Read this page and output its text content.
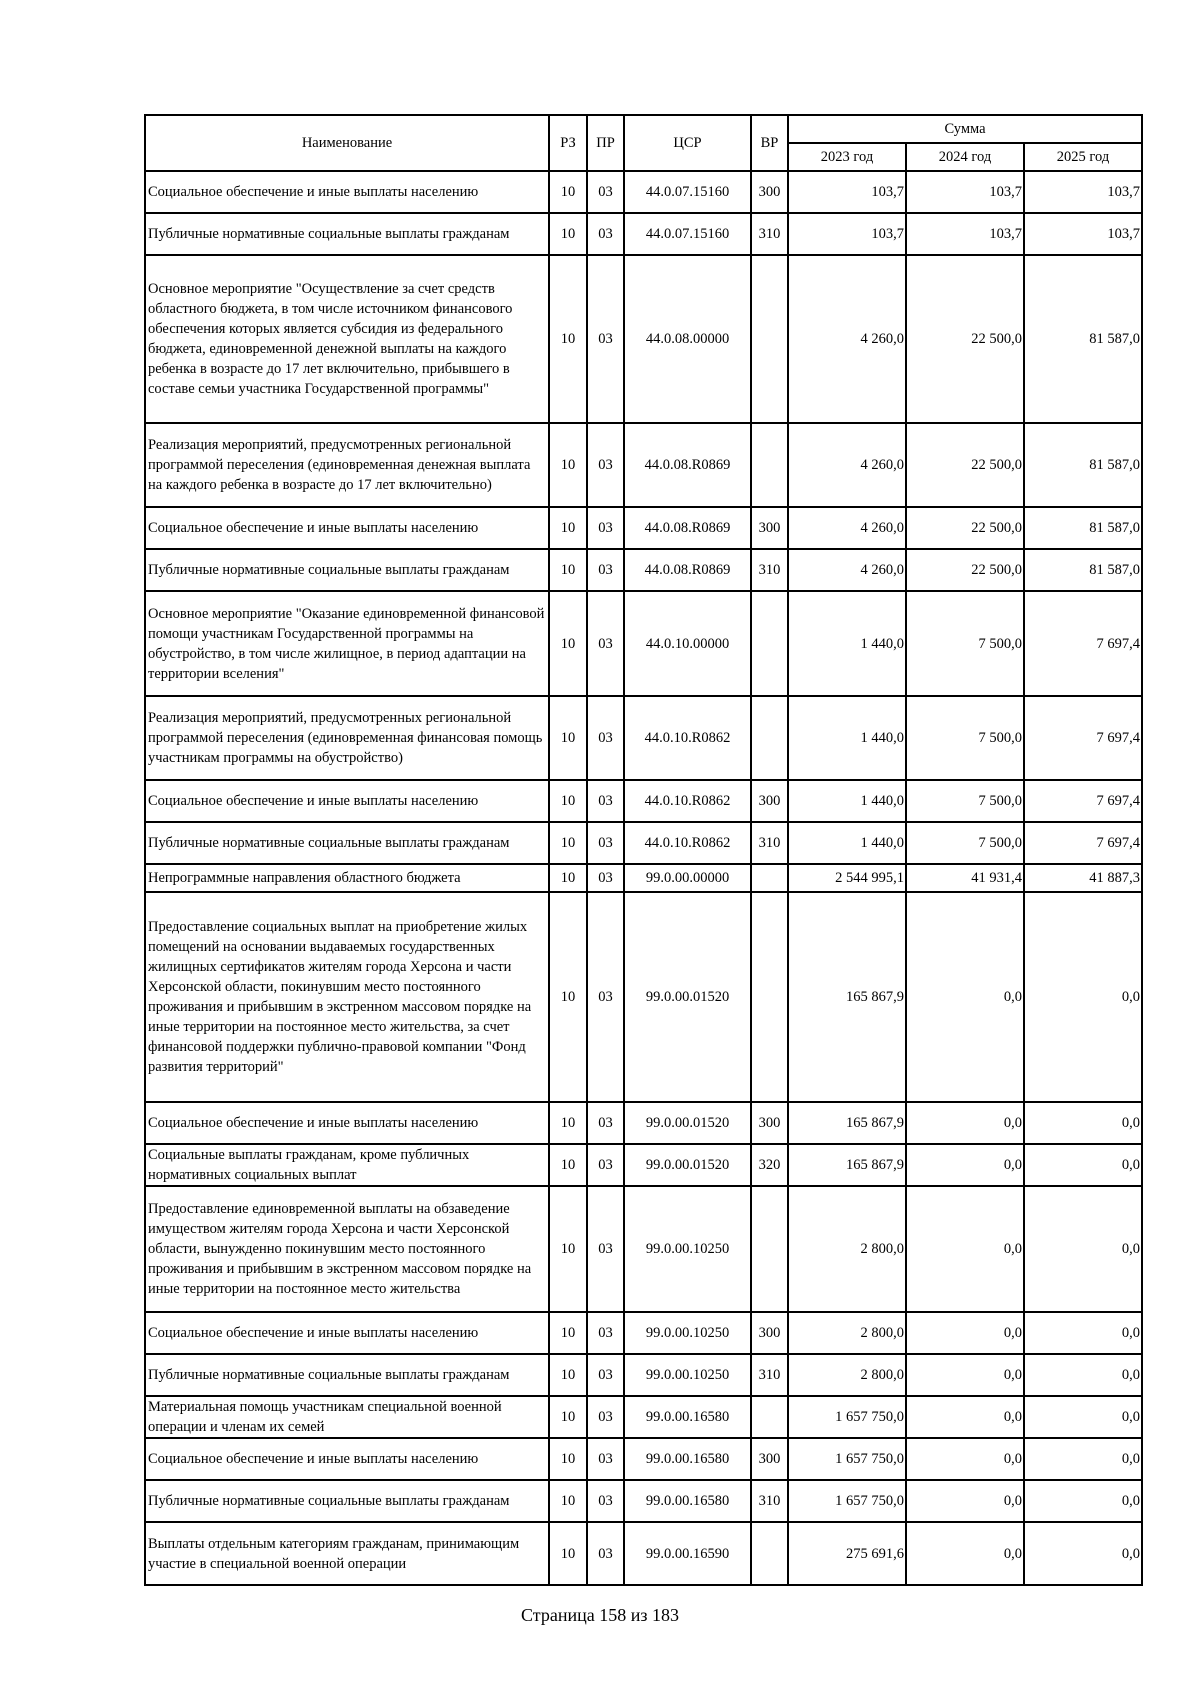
Наименование	РЗ	ПР	ЦСР	ВР	Сумма		
					2023 год	2024 год	2025 год
Социальное обеспечение и иные выплаты населению	10	03	44.0.07.15160	300	103,7	103,7	103,7
Публичные нормативные социальные выплаты гражданам	10	03	44.0.07.15160	310	103,7	103,7	103,7
Основное мероприятие "Осуществление за счет средств областного бюджета, в том числе источником финансового обеспечения которых является субсидия из федерального бюджета, единовременной денежной выплаты на каждого ребенка в возрасте до 17 лет включительно, прибывшего в составе семьи участника Государственной программы"	10	03	44.0.08.00000		4 260,0	22 500,0	81 587,0
Реализация мероприятий, предусмотренных региональной программой переселения (единовременная денежная выплата на каждого ребенка в возрасте до 17 лет включительно)	10	03	44.0.08.R0869		4 260,0	22 500,0	81 587,0
Социальное обеспечение и иные выплаты населению	10	03	44.0.08.R0869	300	4 260,0	22 500,0	81 587,0
Публичные нормативные социальные выплаты гражданам	10	03	44.0.08.R0869	310	4 260,0	22 500,0	81 587,0
Основное мероприятие "Оказание единовременной финансовой помощи участникам Государственной программы на обустройство, в том числе жилищное, в период адаптации на территории вселения"	10	03	44.0.10.00000		1 440,0	7 500,0	7 697,4
Реализация мероприятий, предусмотренных региональной программой переселения (единовременная финансовая помощь участникам программы на обустройство)	10	03	44.0.10.R0862		1 440,0	7 500,0	7 697,4
Социальное обеспечение и иные выплаты населению	10	03	44.0.10.R0862	300	1 440,0	7 500,0	7 697,4
Публичные нормативные социальные выплаты гражданам	10	03	44.0.10.R0862	310	1 440,0	7 500,0	7 697,4
Непрограммные направления областного бюджета	10	03	99.0.00.00000		2 544 995,1	41 931,4	41 887,3
Предоставление социальных выплат на приобретение жилых помещений на основании выдаваемых государственных жилищных сертификатов жителям города Херсона и части Херсонской области, покинувшим место постоянного проживания и прибывшим в экстренном массовом порядке на иные территории на постоянное место жительства, за счет финансовой поддержки публично-правовой компании "Фонд развития территорий"	10	03	99.0.00.01520		165 867,9	0,0	0,0
Социальное обеспечение и иные выплаты населению	10	03	99.0.00.01520	300	165 867,9	0,0	0,0
Социальные выплаты гражданам, кроме публичных нормативных социальных выплат	10	03	99.0.00.01520	320	165 867,9	0,0	0,0
Предоставление единовременной выплаты на обзаведение имуществом жителям города Херсона и части Херсонской области, вынужденно покинувшим место постоянного проживания и прибывшим в экстренном массовом порядке на иные территории на постоянное место жительства	10	03	99.0.00.10250		2 800,0	0,0	0,0
Социальное обеспечение и иные выплаты населению	10	03	99.0.00.10250	300	2 800,0	0,0	0,0
Публичные нормативные социальные выплаты гражданам	10	03	99.0.00.10250	310	2 800,0	0,0	0,0
Материальная помощь участникам специальной военной операции и членам их семей	10	03	99.0.00.16580		1 657 750,0	0,0	0,0
Социальное обеспечение и иные выплаты населению	10	03	99.0.00.16580	300	1 657 750,0	0,0	0,0
Публичные нормативные социальные выплаты гражданам	10	03	99.0.00.16580	310	1 657 750,0	0,0	0,0
Выплаты отдельным категориям гражданам, принимающим участие в специальной военной операции	10	03	99.0.00.16590		275 691,6	0,0	0,0
Страница 158 из 183
